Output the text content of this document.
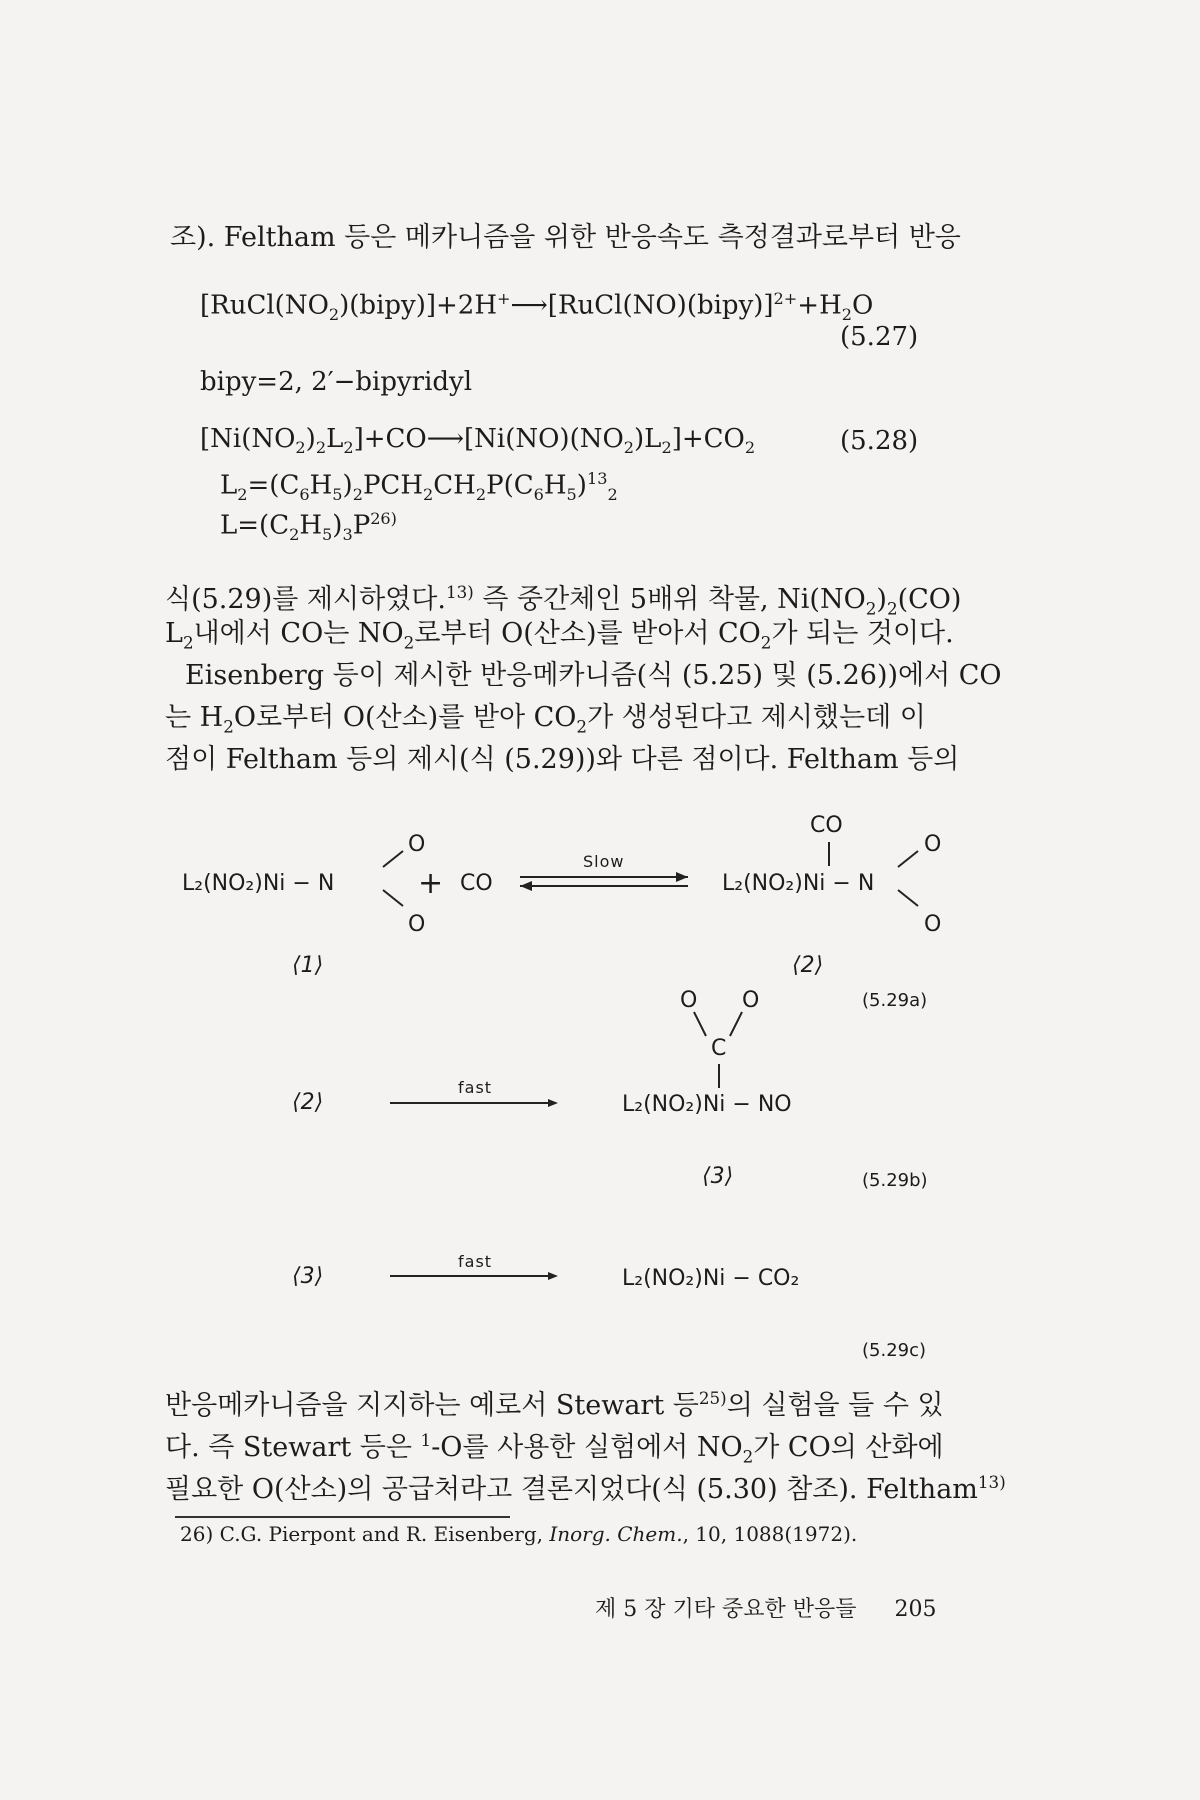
조). Feltham 등은 메카니즘을 위한 반응속도 측정결과로부터 반응
$[RuCl(NO_2)(bipy)]+2H^+⟶[RuCl(NO)(bipy)]^{2+}+H_2O$
(5.27)
bipy=2, 2′−bipyridyl
$[Ni(NO_2)_2L_2]+CO⟶[Ni(NO)(NO_2)L_2]+CO_2$	(5.28)
$L_2=(C_6H_5)_2PCH_2CH_2P(C_6H_5)^{13}_2$
$L=(C_2H_5)_3P^{26)}$
식(5.29)를 제시하였다.$^{13)}$ 즉 중간체인 5배위 착물, $Ni(NO_2)_2(CO)$
$L_2$내에서 CO는 $NO_2$로부터 O(산소)를 받아서 $CO_2$가 되는 것이다.
Eisenberg 등이 제시한 반응메카니즘(식 (5.25) 및 (5.26))에서 CO
는 $H_2O$로부터 O(산소)를 받아 $CO_2$가 생성된다고 제시했는데 이
점이 Feltham 등의 제시(식 (5.29))와 다른 점이다. Feltham 등의
L₂(NO₂)Ni − N
O
O
+ CO
Slow
L₂(NO₂)Ni − N
CO
O
O
⟨1⟩	⟨2⟩
(5.29a)
⟨2⟩
fast
O O
C
L₂(NO₂)Ni − NO
⟨3⟩	(5.29b)
⟨3⟩
fast
L₂(NO₂)Ni − CO₂
(5.29c)
반응메카니즘을 지지하는 예로서 Stewart 등$^{25)}$의 실험을 들 수 있
다. 즉 Stewart 등은 $^1$-O를 사용한 실험에서 $NO_2$가 CO의 산화에
필요한 O(산소)의 공급처라고 결론지었다(식 (5.30) 참조). Feltham$^{13)}$
26) C.G. Pierpont and R. Eisenberg, Inorg. Chem., 10, 1088(1972).
제 5 장 기타 중요한 반응들 205
